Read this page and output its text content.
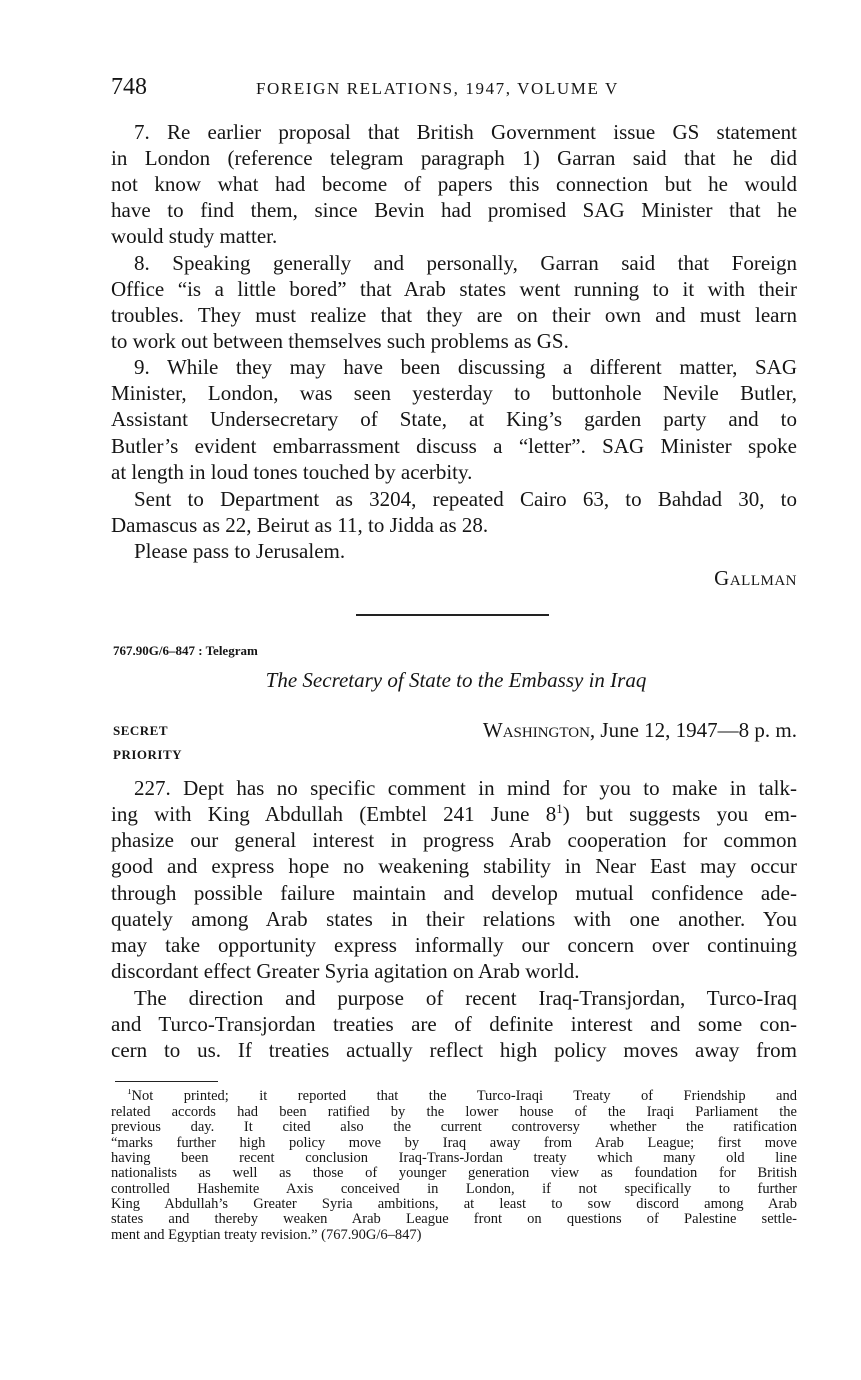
748	FOREIGN RELATIONS, 1947, VOLUME V
7. Re earlier proposal that British Government issue GS statement
in London (reference telegram paragraph 1) Garran said that he did
not know what had become of papers this connection but he would
have to find them, since Bevin had promised SAG Minister that he
would study matter.
8. Speaking generally and personally, Garran said that Foreign
Office “is a little bored” that Arab states went running to it with their
troubles. They must realize that they are on their own and must learn
to work out between themselves such problems as GS.
9. While they may have been discussing a different matter, SAG
Minister, London, was seen yesterday to buttonhole Nevile Butler,
Assistant Undersecretary of State, at King’s garden party and to
Butler’s evident embarrassment discuss a “letter”. SAG Minister spoke
at length in loud tones touched by acerbity.
Sent to Department as 3204, repeated Cairo 63, to Bahdad 30, to
Damascus as 22, Beirut as 11, to Jidda as 28.
Please pass to Jerusalem.
Gallman
767.90G/6–847 : Telegram
The Secretary of State to the Embassy in Iraq
SECRET
PRIORITY
Washington, June 12, 1947—8 p. m.
227. Dept has no specific comment in mind for you to make in talk-
ing with King Abdullah (Embtel 241 June $8^1$) but suggests you em-
phasize our general interest in progress Arab cooperation for common
good and express hope no weakening stability in Near East may occur
through possible failure maintain and develop mutual confidence ade-
quately among Arab states in their relations with one another. You
may take opportunity express informally our concern over continuing
discordant effect Greater Syria agitation on Arab world.
The direction and purpose of recent Iraq-Transjordan, Turco-Iraq
and Turco-Transjordan treaties are of definite interest and some con-
cern to us. If treaties actually reflect high policy moves away from
$^1$Not printed; it reported that the Turco-Iraqi Treaty of Friendship and
related accords had been ratified by the lower house of the Iraqi Parliament the
previous day. It cited also the current controversy whether the ratification
“marks further high policy move by Iraq away from Arab League; first move
having been recent conclusion Iraq-Trans-Jordan treaty which many old line
nationalists as well as those of younger generation view as foundation for British
controlled Hashemite Axis conceived in London, if not specifically to further
King Abdullah’s Greater Syria ambitions, at least to sow discord among Arab
states and thereby weaken Arab League front on questions of Palestine settle-
ment and Egyptian treaty revision.” (767.90G/6–847)
